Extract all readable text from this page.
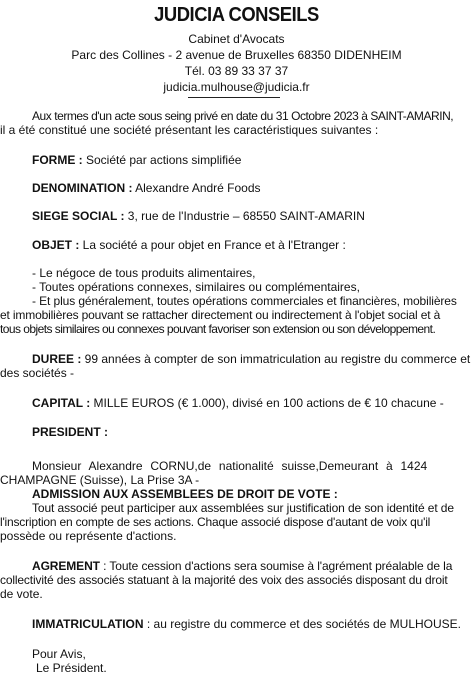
JUDICIA CONSEILS
Cabinet d'Avocats
Parc des Collines - 2 avenue de Bruxelles 68350 DIDENHEIM
Tél. 03 89 33 37 37
judicia.mulhouse@judicia.fr
Aux termes d'un acte sous seing privé en date du 31 Octobre 2023 à SAINT-AMARIN,
il a été constitué une société présentant les caractéristiques suivantes :
FORME : Société par actions simplifiée
DENOMINATION : Alexandre André Foods
SIEGE SOCIAL : 3, rue de l'Industrie – 68550 SAINT-AMARIN
OBJET : La société a pour objet en France et à l'Etranger :
- Le négoce de tous produits alimentaires,
- Toutes opérations connexes, similaires ou complémentaires,
- Et plus généralement, toutes opérations commerciales et financières, mobilières
et immobilières pouvant se rattacher directement ou indirectement à l'objet social et à
tous objets similaires ou connexes pouvant favoriser son extension ou son développement.
DUREE : 99 années à compter de son immatriculation au registre du commerce et
des sociétés -
CAPITAL : MILLE EUROS (€ 1.000), divisé en 100 actions de € 10 chacune -
PRESIDENT :
Monsieur Alexandre CORNU,de nationalité suisse,Demeurant à 1424
CHAMPAGNE (Suisse), La Prise 3A -
ADMISSION AUX ASSEMBLEES DE DROIT DE VOTE :
Tout associé peut participer aux assemblées sur justification de son identité et de
l'inscription en compte de ses actions. Chaque associé dispose d'autant de voix qu'il
possède ou représente d'actions.
AGREMENT : Toute cession d'actions sera soumise à l'agrément préalable de la
collectivité des associés statuant à la majorité des voix des associés disposant du droit
de vote.
IMMATRICULATION : au registre du commerce et des sociétés de MULHOUSE.
Pour Avis,
Le Président.
